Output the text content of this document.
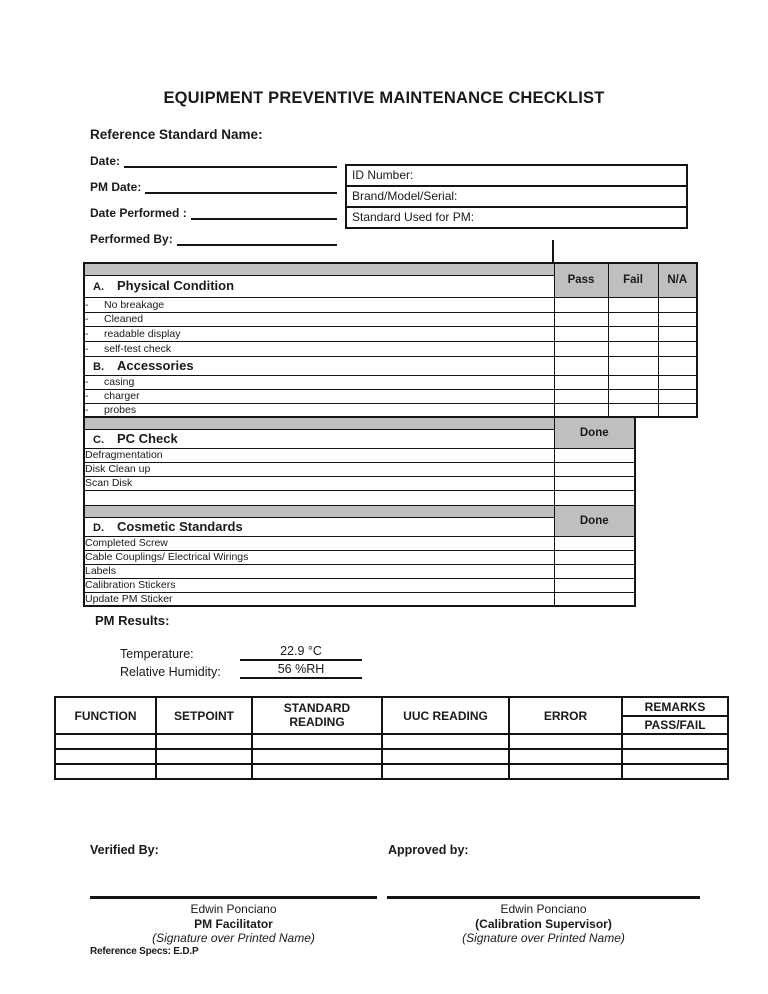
EQUIPMENT PREVENTIVE MAINTENANCE CHECKLIST
Reference Standard Name:
Date:
PM Date:
Date Performed :
Performed By:
ID Number:
Brand/Model/Serial:
Standard Used for PM:
	Pass	Fail	N/A
A. Physical Condition			
- No breakage			
- Cleaned			
- readable display			
- self-test check			
B. Accessories			
- casing			
- charger			
- probes			
	Done
C. PC Check	
Defragmentation	
Disk Clean up	
Scan Disk	

	Done
D. Cosmetic Standards	
Completed Screw	
Cable Couplings/ Electrical Wirings	
Labels	
Calibration Stickers	
Update PM Sticker	
PM Results:
Temperature:	22.9 °C
Relative Humidity:	56 %RH
FUNCTION	SETPOINT	STANDARD READING	UUC READING	ERROR	REMARKS
					PASS/FAIL

Verified By:	Approved by:
Edwin Ponciano
PM Facilitator
(Signature over Printed Name)
Edwin Ponciano
(Calibration Supervisor)
(Signature over Printed Name)
Reference Specs: E.D.P
